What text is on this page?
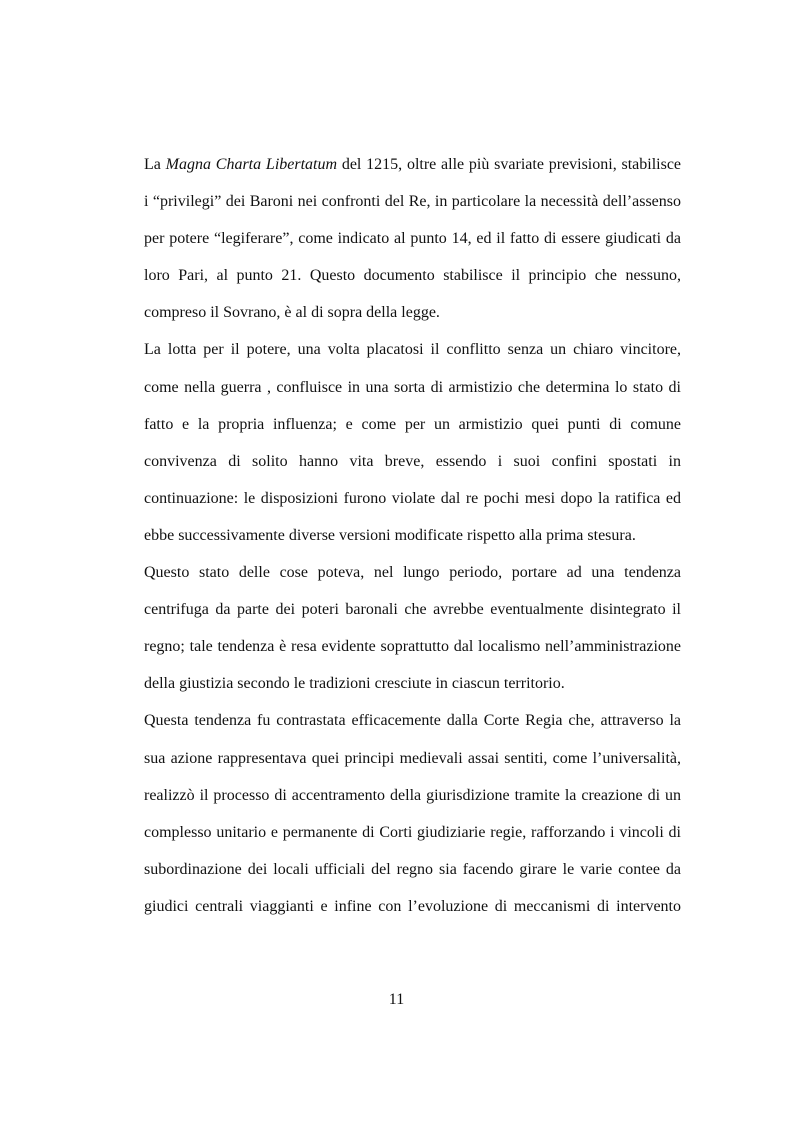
La Magna Charta Libertatum del 1215, oltre alle più svariate previsioni, stabilisce
i “privilegi” dei Baroni nei confronti del Re, in particolare la necessità dell’assenso
per potere “legiferare”, come indicato al punto 14, ed il fatto di essere giudicati da
loro Pari, al punto 21. Questo documento stabilisce il principio che nessuno,
compreso il Sovrano, è al di sopra della legge.

La lotta per il potere, una volta placatosi il conflitto senza un chiaro vincitore,
come nella guerra , confluisce in una sorta di armistizio che determina lo stato di
fatto e la propria influenza; e come per un armistizio quei punti di comune
convivenza di solito hanno vita breve, essendo i suoi confini spostati in
continuazione: le disposizioni furono violate dal re pochi mesi dopo la ratifica ed
ebbe successivamente diverse versioni modificate rispetto alla prima stesura.

Questo stato delle cose poteva, nel lungo periodo, portare ad una tendenza
centrifuga da parte dei poteri baronali che avrebbe eventualmente disintegrato il
regno; tale tendenza è resa evidente soprattutto dal localismo nell’amministrazione
della giustizia secondo le tradizioni cresciute in ciascun territorio.

Questa tendenza fu contrastata efficacemente dalla Corte Regia che, attraverso la
sua azione rappresentava quei principi medievali assai sentiti, come l’universalità,
realizzò il processo di accentramento della giurisdizione tramite la creazione di un
complesso unitario e permanente di Corti giudiziarie regie, rafforzando i vincoli di
subordinazione dei locali ufficiali del regno sia facendo girare le varie contee da
giudici centrali viaggianti e infine con l’evoluzione di meccanismi di intervento

11
